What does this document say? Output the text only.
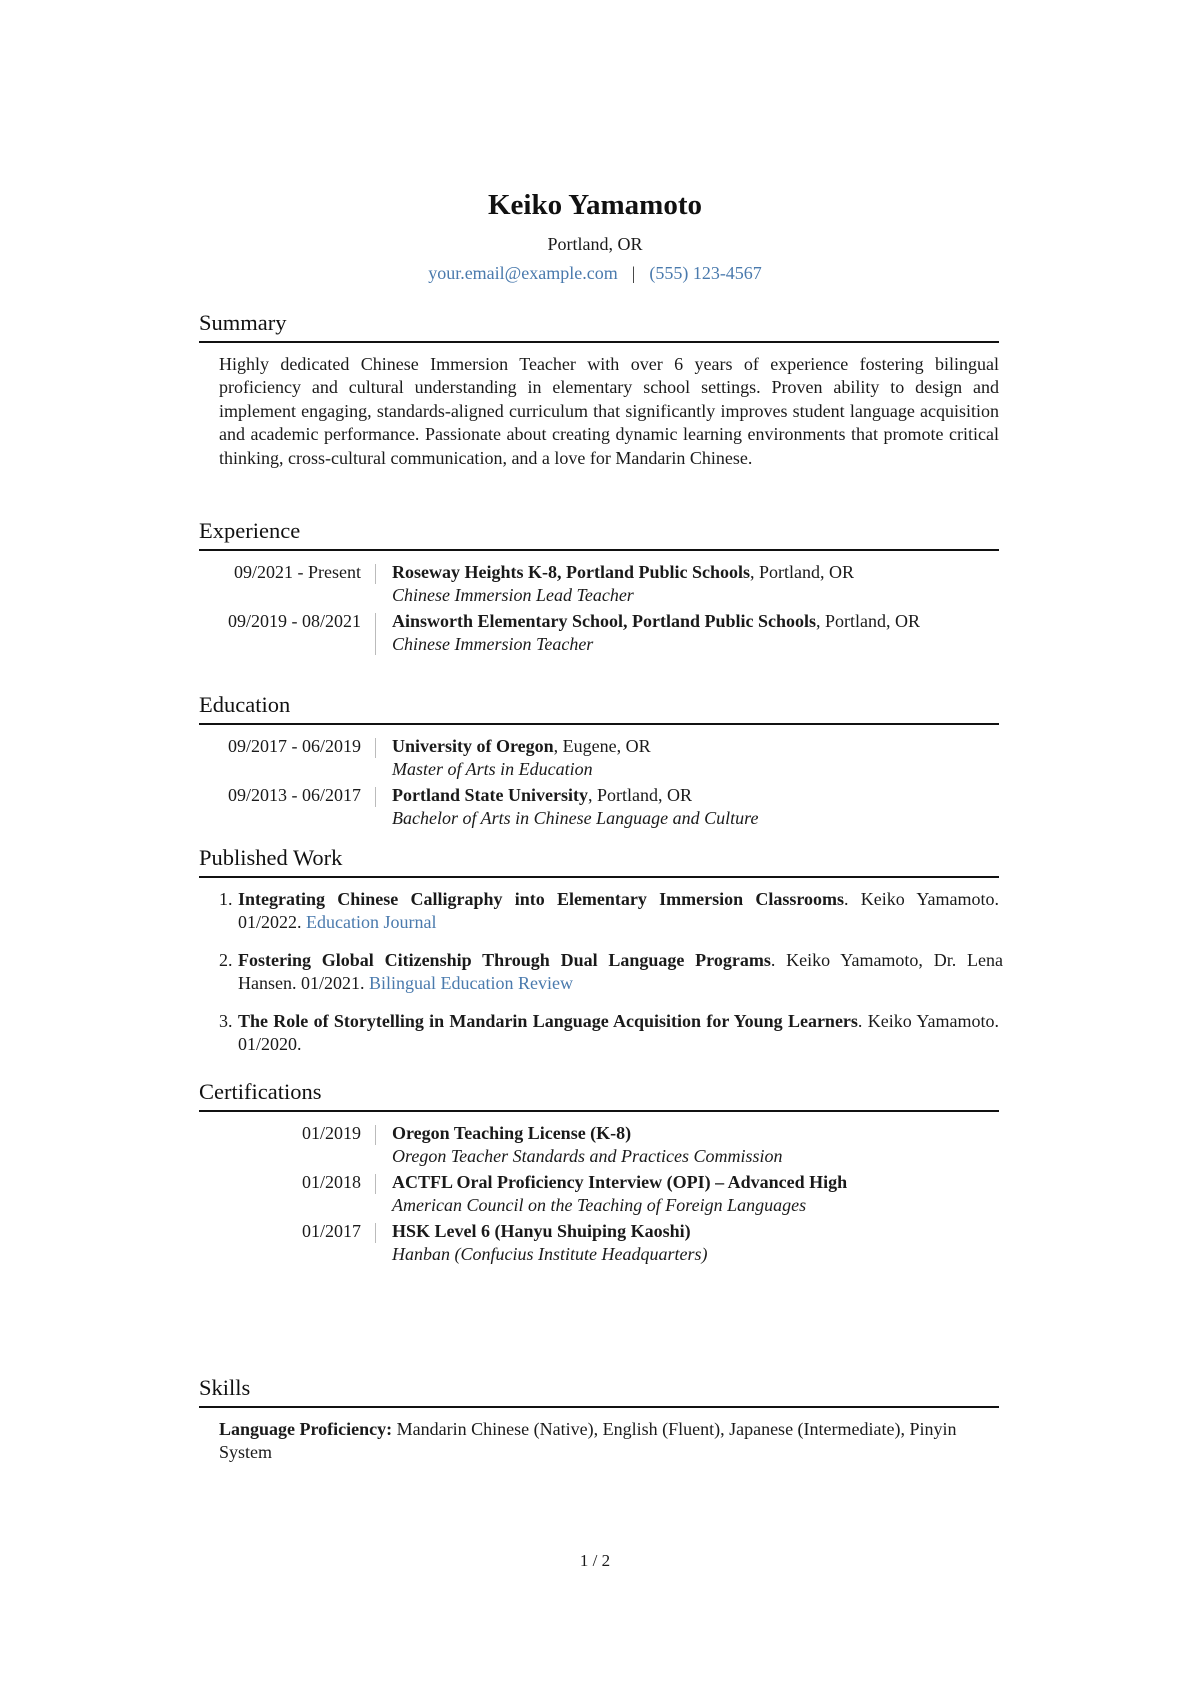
Keiko Yamamoto
Portland, OR
your.email@example.com | (555) 123-4567
Summary
Highly dedicated Chinese Immersion Teacher with over 6 years of experience fostering bilingual proficiency and cultural understanding in elementary school settings. Proven ability to design and implement engaging, standards-aligned curriculum that significantly improves student language acquisition and academic performance. Passionate about creating dynamic learning environments that promote critical thinking, cross-cultural communication, and a love for Mandarin Chinese.
Experience
09/2021 - Present	Roseway Heights K-8, Portland Public Schools, Portland, OR
Chinese Immersion Lead Teacher
09/2019 - 08/2021	Ainsworth Elementary School, Portland Public Schools, Portland, OR
Chinese Immersion Teacher
Education
09/2017 - 06/2019	University of Oregon, Eugene, OR
Master of Arts in Education
09/2013 - 06/2017	Portland State University, Portland, OR
Bachelor of Arts in Chinese Language and Culture
Published Work
1. Integrating Chinese Calligraphy into Elementary Immersion Classrooms. Keiko Yamamoto. 01/2022. Education Journal
2. Fostering Global Citizenship Through Dual Language Programs. Keiko Yamamoto, Dr. Lena Hansen. 01/2021. Bilingual Education Review
3. The Role of Storytelling in Mandarin Language Acquisition for Young Learners. Keiko Yamamoto. 01/2020.
Certifications
01/2019	Oregon Teaching License (K-8)
Oregon Teacher Standards and Practices Commission
01/2018	ACTFL Oral Proficiency Interview (OPI) – Advanced High
American Council on the Teaching of Foreign Languages
01/2017	HSK Level 6 (Hanyu Shuiping Kaoshi)
Hanban (Confucius Institute Headquarters)
Skills
Language Proficiency: Mandarin Chinese (Native), English (Fluent), Japanese (Intermediate), Pinyin System
1 / 2
